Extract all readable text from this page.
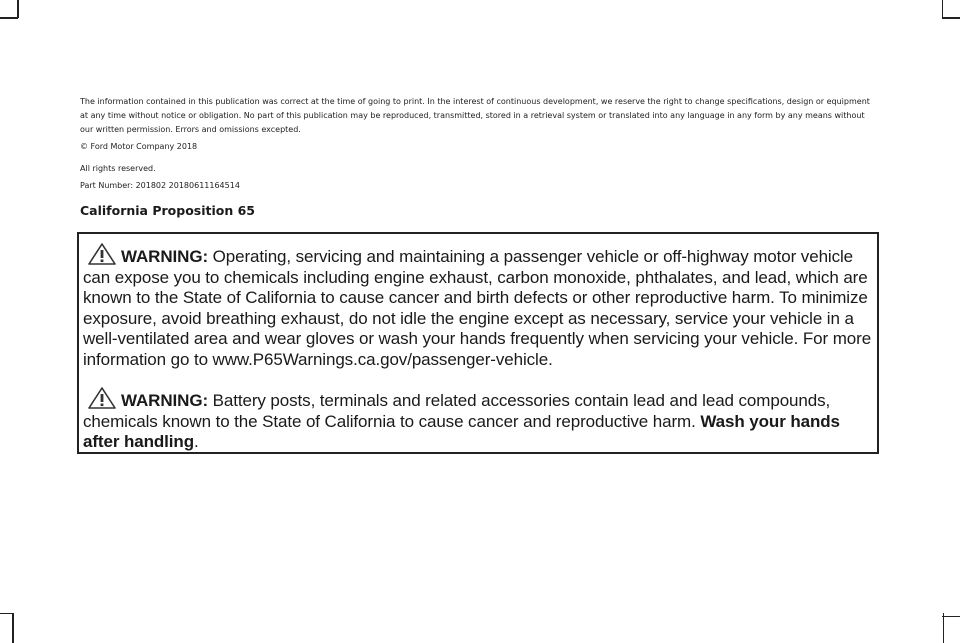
The information contained in this publication was correct at the time of going to print. In the interest of continuous development, we reserve the right to change specifications, design or equipment at any time without notice or obligation. No part of this publication may be reproduced, transmitted, stored in a retrieval system or translated into any language in any form by any means without our written permission. Errors and omissions excepted.

© Ford Motor Company 2018

All rights reserved.

Part Number: 201802 20180611164514

California Proposition 65

WARNING: Operating, servicing and maintaining a passenger vehicle or off-highway motor vehicle can expose you to chemicals including engine exhaust, carbon monoxide, phthalates, and lead, which are known to the State of California to cause cancer and birth defects or other reproductive harm. To minimize exposure, avoid breathing exhaust, do not idle the engine except as necessary, service your vehicle in a well-ventilated area and wear gloves or wash your hands frequently when servicing your vehicle. For more information go to www.P65Warnings.ca.gov/passenger-vehicle.

WARNING: Battery posts, terminals and related accessories contain lead and lead compounds, chemicals known to the State of California to cause cancer and reproductive harm. Wash your hands after handling.
